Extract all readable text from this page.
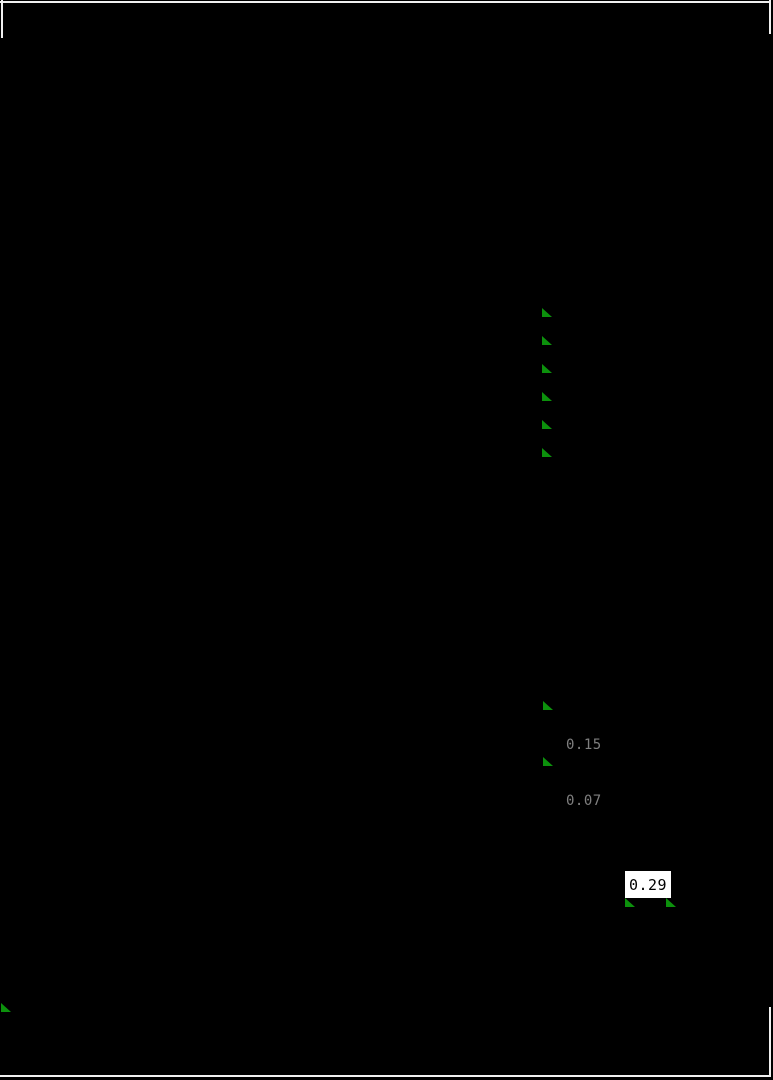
0.15
0.07
0.29
